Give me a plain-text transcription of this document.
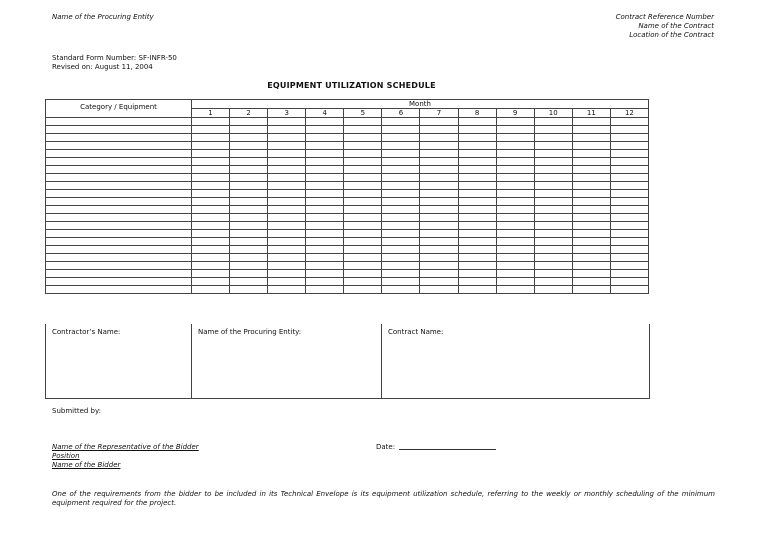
Name of the Procuring Entity	Contract Reference Number
Name of the Contract
Location of the Contract
Standard Form Number: SF-INFR-50
Revised on: August 11, 2004
EQUIPMENT UTILIZATION SCHEDULE
Category / Equipment	Month											
	1	2	3	4	5	6	7	8	9	10	11	12

Contractor’s Name:	Name of the Procuring Entity:	Contract Name:
Submitted by:
Name of the Representative of the Bidder
Position
Name of the Bidder
Date:
One of the requirements from the bidder to be included in its Technical Envelope is its equipment utilization schedule, referring to the weekly or monthly scheduling of the minimum equipment required for the project.
